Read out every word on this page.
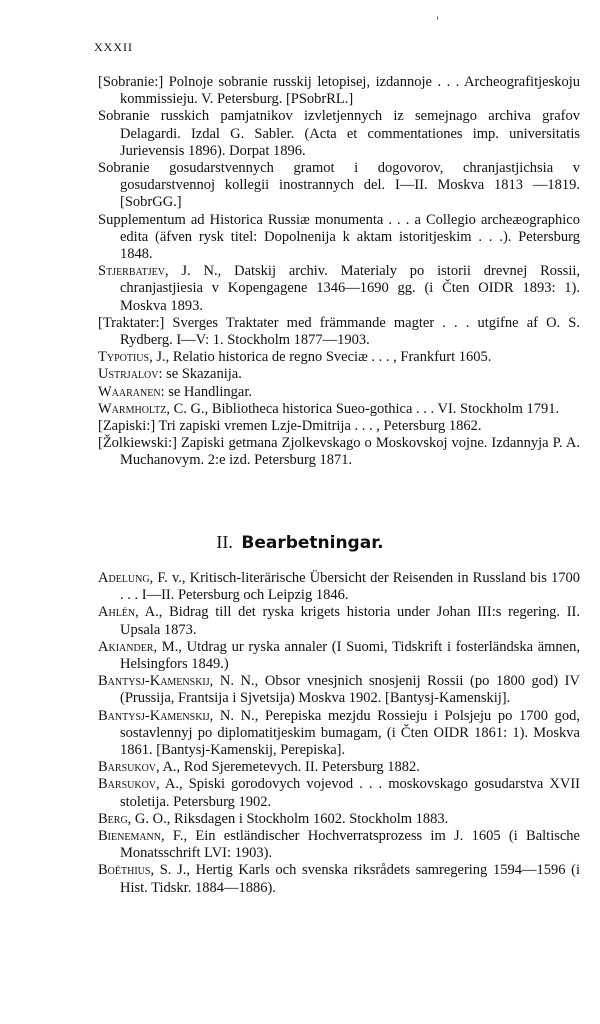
XXXII
'

[Sobranie:] Polnoje sobranie russkij letopisej, izdannoje . . . Archeografitjeskoju kommissieju. V. Petersburg. [PSobrRL.]

Sobranie russkich pamjatnikov izvletjennych iz semejnago archiva grafov Delagardi. Izdal G. Sabler. (Acta et commentationes imp. universitatis Jurievensis 1896). Dorpat 1896.

Sobranie gosudarstvennych gramot i dogovorov, chranjastjichsia v gosudarstvennoj kollegii inostrannych del. I—II. Moskva 1813 —1819. [SobrGG.]

Supplementum ad Historica Russiæ monumenta . . . a Collegio archeæographico edita (äfven rysk titel: Dopolnenija k aktam istoritjeskim . . .). Petersburg 1848.

Stjerbatjev, J. N., Datskij archiv. Materialy po istorii drevnej Rossii, chranjastjiesia v Kopengagene 1346—1690 gg. (i Čten OIDR 1893: 1). Moskva 1893.

[Traktater:] Sverges Traktater med främmande magter . . . utgifne af O. S. Rydberg. I—V: 1. Stockholm 1877—1903.

Typotius, J., Relatio historica de regno Sveciæ . . . , Frankfurt 1605.

Ustrjalov: se Skazanija.

Waaranen: se Handlingar.

Warmholtz, C. G., Bibliotheca historica Sueo-gothica . . . VI. Stockholm 1791.

[Zapiski:] Tri zapiski vremen Lzje-Dmitrija . . . , Petersburg 1862.

[Žolkiewski:] Zapiski getmana Zjolkevskago o Moskovskoj vojne. Izdannyja P. A. Muchanovym. 2:e izd. Petersburg 1871.

II. Bearbetningar.

Adelung, F. v., Kritisch-literärische Übersicht der Reisenden in Russland bis 1700 . . . I—II. Petersburg och Leipzig 1846.

Ahlén, A., Bidrag till det ryska krigets historia under Johan III:s regering. II. Upsala 1873.

Akiander, M., Utdrag ur ryska annaler (I Suomi, Tidskrift i fosterländska ämnen, Helsingfors 1849.)

Bantysj-Kamenskij, N. N., Obsor vnesjnich snosjenij Rossii (po 1800 god) IV (Prussija, Frantsija i Sjvetsija) Moskva 1902. [Bantysj-Kamenskij].

Bantysj-Kamenskij, N. N., Perepiska mezjdu Rossieju i Polsjeju po 1700 god, sostavlennyj po diplomatitjeskim bumagam, (i Čten OIDR 1861: 1). Moskva 1861. [Bantysj-Kamenskij, Perepiska].

Barsukov, A., Rod Sjeremetevych. II. Petersburg 1882.

Barsukov, A., Spiski gorodovych vojevod . . . moskovskago gosudarstva XVII stoletija. Petersburg 1902.

Berg, G. O., Riksdagen i Stockholm 1602. Stockholm 1883.

Bienemann, F., Ein estländischer Hochverratsprozess im J. 1605 (i Baltische Monatsschrift LVI: 1903).

Boëthius, S. J., Hertig Karls och svenska riksrådets samregering 1594—1596 (i Hist. Tidskr. 1884—1886).
